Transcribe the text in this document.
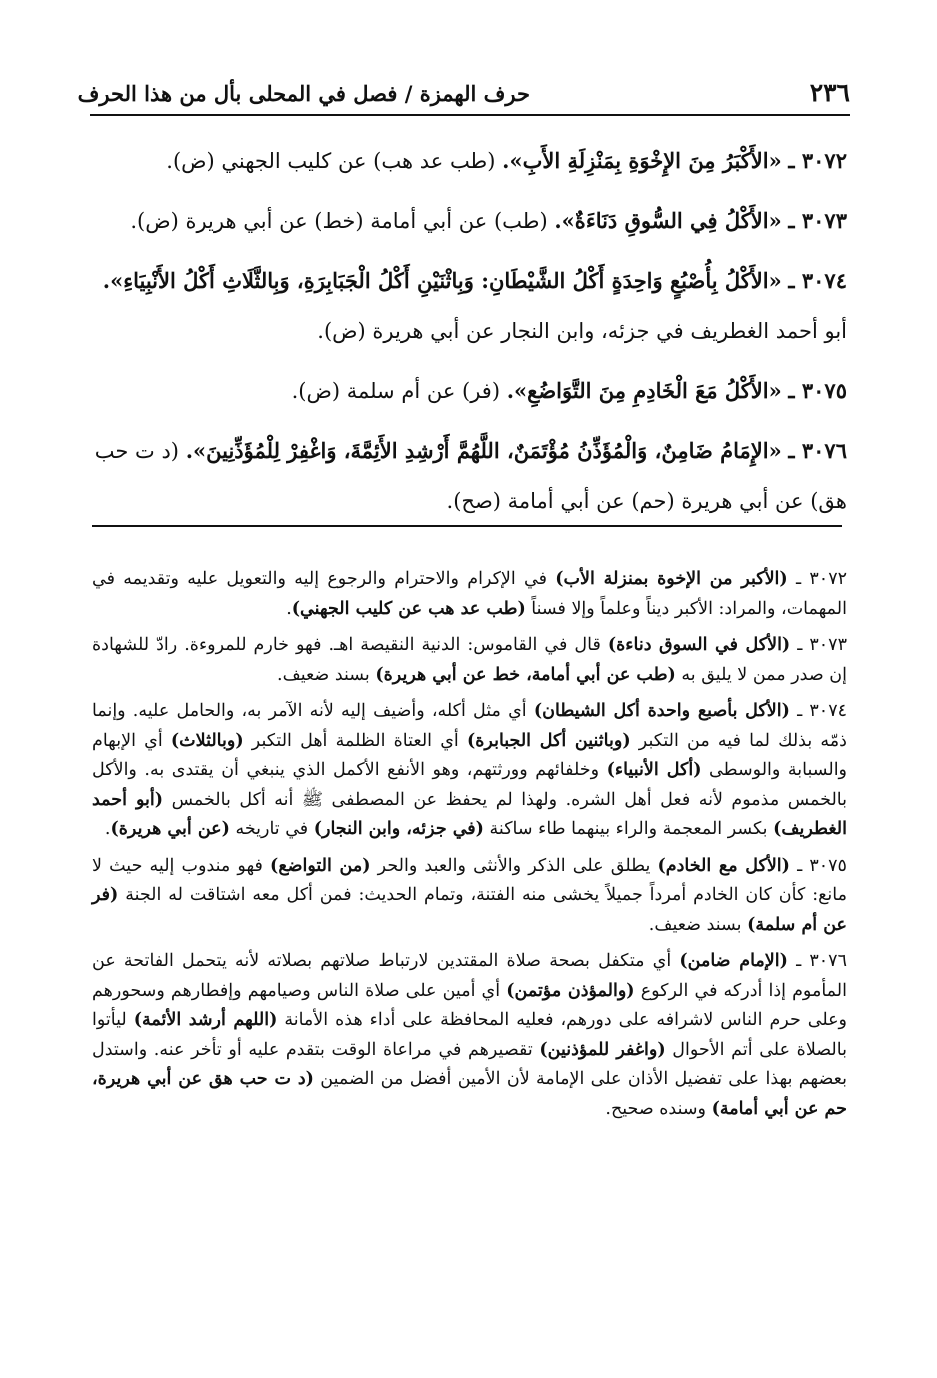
٢٣٦
حرف الهمزة / فصل في المحلى بأل من هذا الحرف

٣٠٧٢ ـ «الأَكْبَرُ مِنَ الإِخْوَةِ بِمَنْزِلَةِ الأَبِ». (طب عد هب) عن كليب الجهني (ض).

٣٠٧٣ ـ «الأَكْلُ فِي السُّوقِ دَنَاءَةٌ». (طب) عن أبي أمامة (خط) عن أبي هريرة (ض).

٣٠٧٤ ـ «الأَكْلُ بِأُصْبُعٍ وَاحِدَةٍ أَكْلُ الشَّيْطَانِ: وَبِاثْنَيْنِ أَكْلُ الْجَبَابِرَةِ، وَبِالثَّلَاثِ أَكْلُ الأَنْبِيَاءِ». أبو أحمد الغطريف في جزئه، وابن النجار عن أبي هريرة (ض).

٣٠٧٥ ـ «الأَكْلُ مَعَ الْخَادِمِ مِنَ التَّوَاضُعِ». (فر) عن أم سلمة (ض).

٣٠٧٦ ـ «الإِمَامُ ضَامِنٌ، وَالْمُؤَذِّنُ مُؤْتَمَنٌ، اللَّهُمَّ أَرْشِدِ الأَئِمَّةَ، وَاغْفِرْ لِلْمُؤَذِّنِينَ». (د ت حب هق) عن أبي هريرة (حم) عن أبي أمامة (صح).

٣٠٧٢ ـ (الأكبر من الإخوة بمنزلة الأب) في الإكرام والاحترام والرجوع إليه والتعويل عليه وتقديمه في المهمات، والمراد: الأكبر ديناً وعلماً وإلا فسناً (طب عد هب عن كليب الجهني).

٣٠٧٣ ـ (الأكل في السوق دناءة) قال في القاموس: الدنية النقيصة اهـ. فهو خارم للمروءة. رادّ للشهادة إن صدر ممن لا يليق به (طب عن أبي أمامة، خط عن أبي هريرة) بسند ضعيف.

٣٠٧٤ ـ (الأكل بأصبع واحدة أكل الشيطان) أي مثل أكله، وأضيف إليه لأنه الآمر به، والحامل عليه. وإنما ذمّه بذلك لما فيه من التكبر (وباثنين أكل الجبابرة) أي العتاة الظلمة أهل التكبر (وبالثلاث) أي الإبهام والسبابة والوسطى (أكل الأنبياء) وخلفائهم وورثتهم، وهو الأنفع الأكمل الذي ينبغي أن يقتدى به. والأكل بالخمس مذموم لأنه فعل أهل الشره. ولهذا لم يحفظ عن المصطفى ﷺ أنه أكل بالخمس (أبو أحمد الغطريف) بكسر المعجمة والراء بينهما طاء ساكنة (في جزئه، وابن النجار) في تاريخه (عن أبي هريرة).

٣٠٧٥ ـ (الأكل مع الخادم) يطلق على الذكر والأنثى والعبد والحر (من التواضع) فهو مندوب إليه حيث لا مانع: كأن كان الخادم أمرداً جميلاً يخشى منه الفتنة، وتمام الحديث: فمن أكل معه اشتاقت له الجنة (فر عن أم سلمة) بسند ضعيف.

٣٠٧٦ ـ (الإمام ضامن) أي متكفل بصحة صلاة المقتدين لارتباط صلاتهم بصلاته لأنه يتحمل الفاتحة عن المأموم إذا أدركه في الركوع (والمؤذن مؤتمن) أي أمين على صلاة الناس وصيامهم وإفطارهم وسحورهم وعلى حرم الناس لاشرافه على دورهم، فعليه المحافظة على أداء هذه الأمانة (اللهم أرشد الأئمة) ليأتوا بالصلاة على أتم الأحوال (واغفر للمؤذنين) تقصيرهم في مراعاة الوقت بتقدم عليه أو تأخر عنه. واستدل بعضهم بهذا على تفضيل الأذان على الإمامة لأن الأمين أفضل من الضمين (د ت حب هق عن أبي هريرة، حم عن أبي أمامة) وسنده صحيح.
